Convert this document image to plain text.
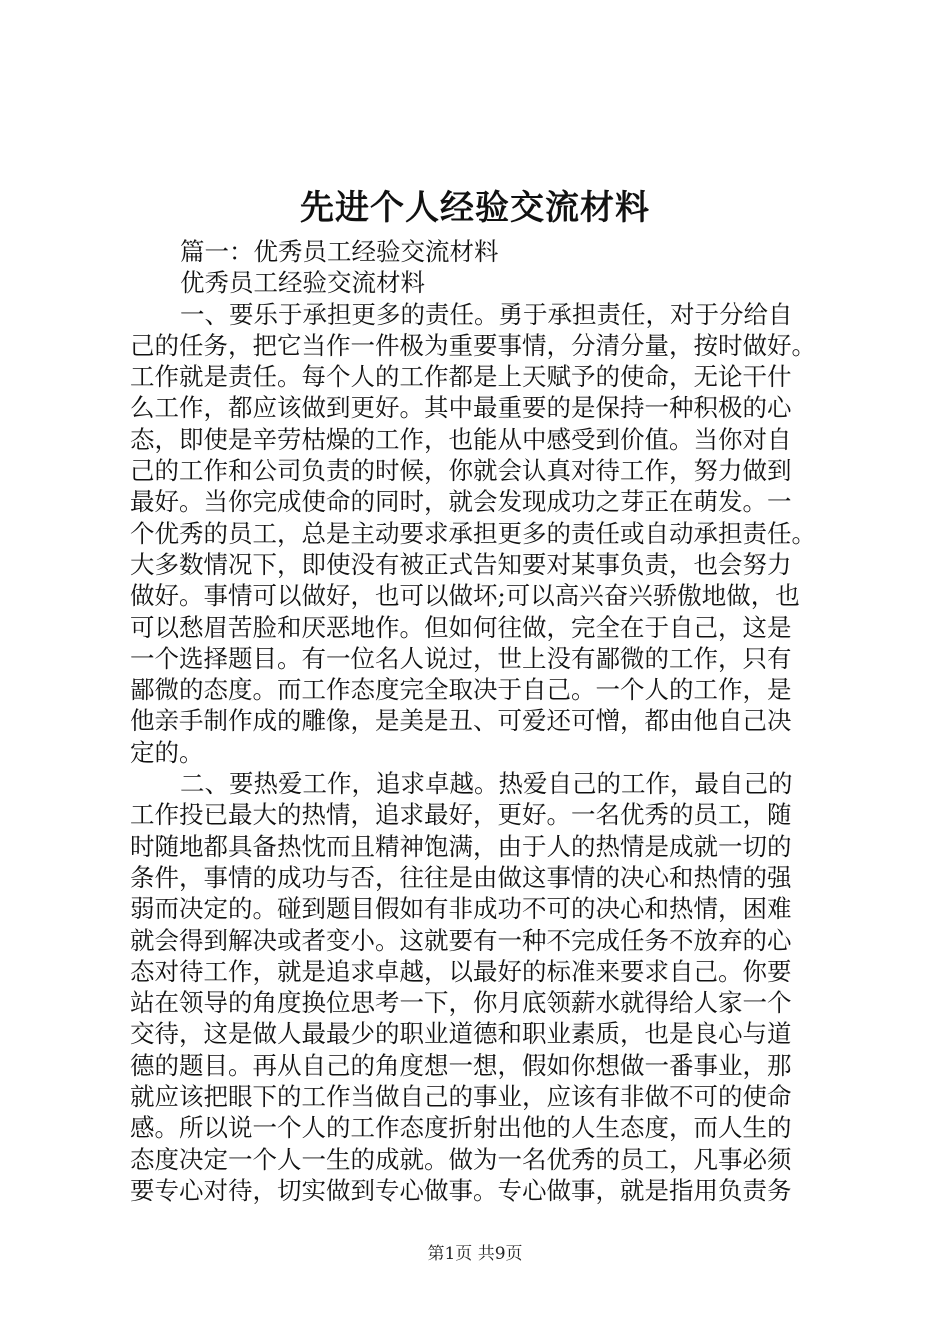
先进个人经验交流材料
篇一：优秀员工经验交流材料
优秀员工经验交流材料
一、要乐于承担更多的责任。勇于承担责任，对于分给自
己的任务，把它当作一件极为重要事情，分清分量，按时做好。
工作就是责任。每个人的工作都是上天赋予的使命，无论干什
么工作，都应该做到更好。其中最重要的是保持一种积极的心
态，即使是辛劳枯燥的工作，也能从中感受到价值。当你对自
己的工作和公司负责的时候，你就会认真对待工作，努力做到
最好。当你完成使命的同时，就会发现成功之芽正在萌发。一
个优秀的员工，总是主动要求承担更多的责任或自动承担责任。
大多数情况下，即使没有被正式告知要对某事负责，也会努力
做好。事情可以做好，也可以做坏;可以高兴奋兴骄傲地做，也
可以愁眉苦脸和厌恶地作。但如何往做，完全在于自己，这是
一个选择题目。有一位名人说过，世上没有鄙微的工作，只有
鄙微的态度。而工作态度完全取决于自己。一个人的工作，是
他亲手制作成的雕像，是美是丑、可爱还可憎，都由他自己决
定的。
二、要热爱工作，追求卓越。热爱自己的工作，最自己的
工作投已最大的热情，追求最好，更好。一名优秀的员工，随
时随地都具备热忱而且精神饱满，由于人的热情是成就一切的
条件，事情的成功与否，往往是由做这事情的决心和热情的强
弱而决定的。碰到题目假如有非成功不可的决心和热情，困难
就会得到解决或者变小。这就要有一种不完成任务不放弃的心
态对待工作，就是追求卓越，以最好的标准来要求自己。你要
站在领导的角度换位思考一下，你月底领薪水就得给人家一个
交待，这是做人最最少的职业道德和职业素质，也是良心与道
德的题目。再从自己的角度想一想，假如你想做一番事业，那
就应该把眼下的工作当做自己的事业，应该有非做不可的使命
感。所以说一个人的工作态度折射出他的人生态度，而人生的
态度决定一个人一生的成就。做为一名优秀的员工，凡事必须
要专心对待，切实做到专心做事。专心做事，就是指用负责务
第1页 共9页
